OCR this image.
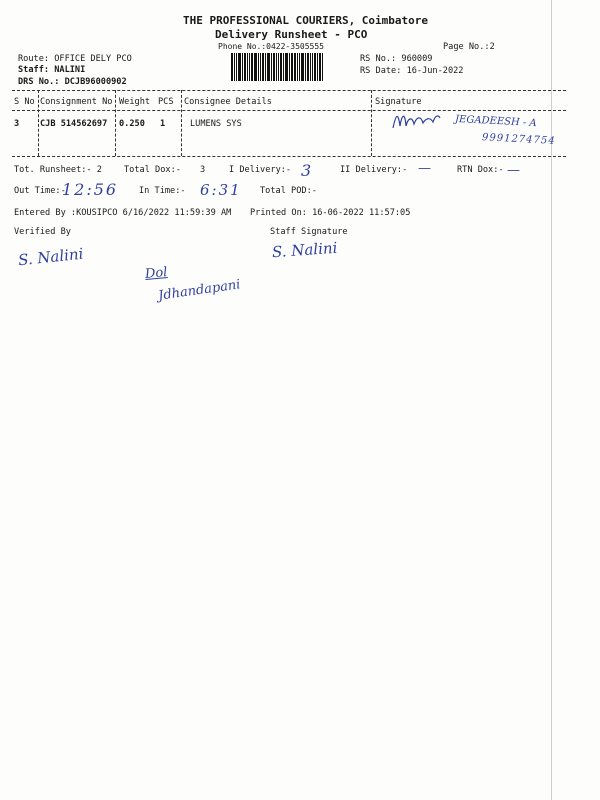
THE PROFESSIONAL COURIERS, Coimbatore
Delivery Runsheet - PCO
Phone No.:0422-3505555	Page No.:2
Route: OFFICE DELY PCO
Staff: NALINI
DRS No.: DCJB96000902
RS No.: 960009
RS Date: 16-Jun-2022
S No Consignment No Weight PCS Consignee Details	Signature
3 CJB 514562697 0.250 1	LUMENS SYS	JEGADEESH - A
9991274754
Tot. Runsheet:- 2	Total Dox:- 3	I Delivery:- 3	II Delivery:- —	RTN Dox:- —
Out Time:-
12:56 In Time:- 6:31 Total POD:-
Entered By :KOUSIPCO 6/16/2022 11:59:39 AM Printed On: 16-06-2022 11:57:05
Verified By	Staff Signature
S. Nalini	S. Nalini
Dol
Jdhandapani
